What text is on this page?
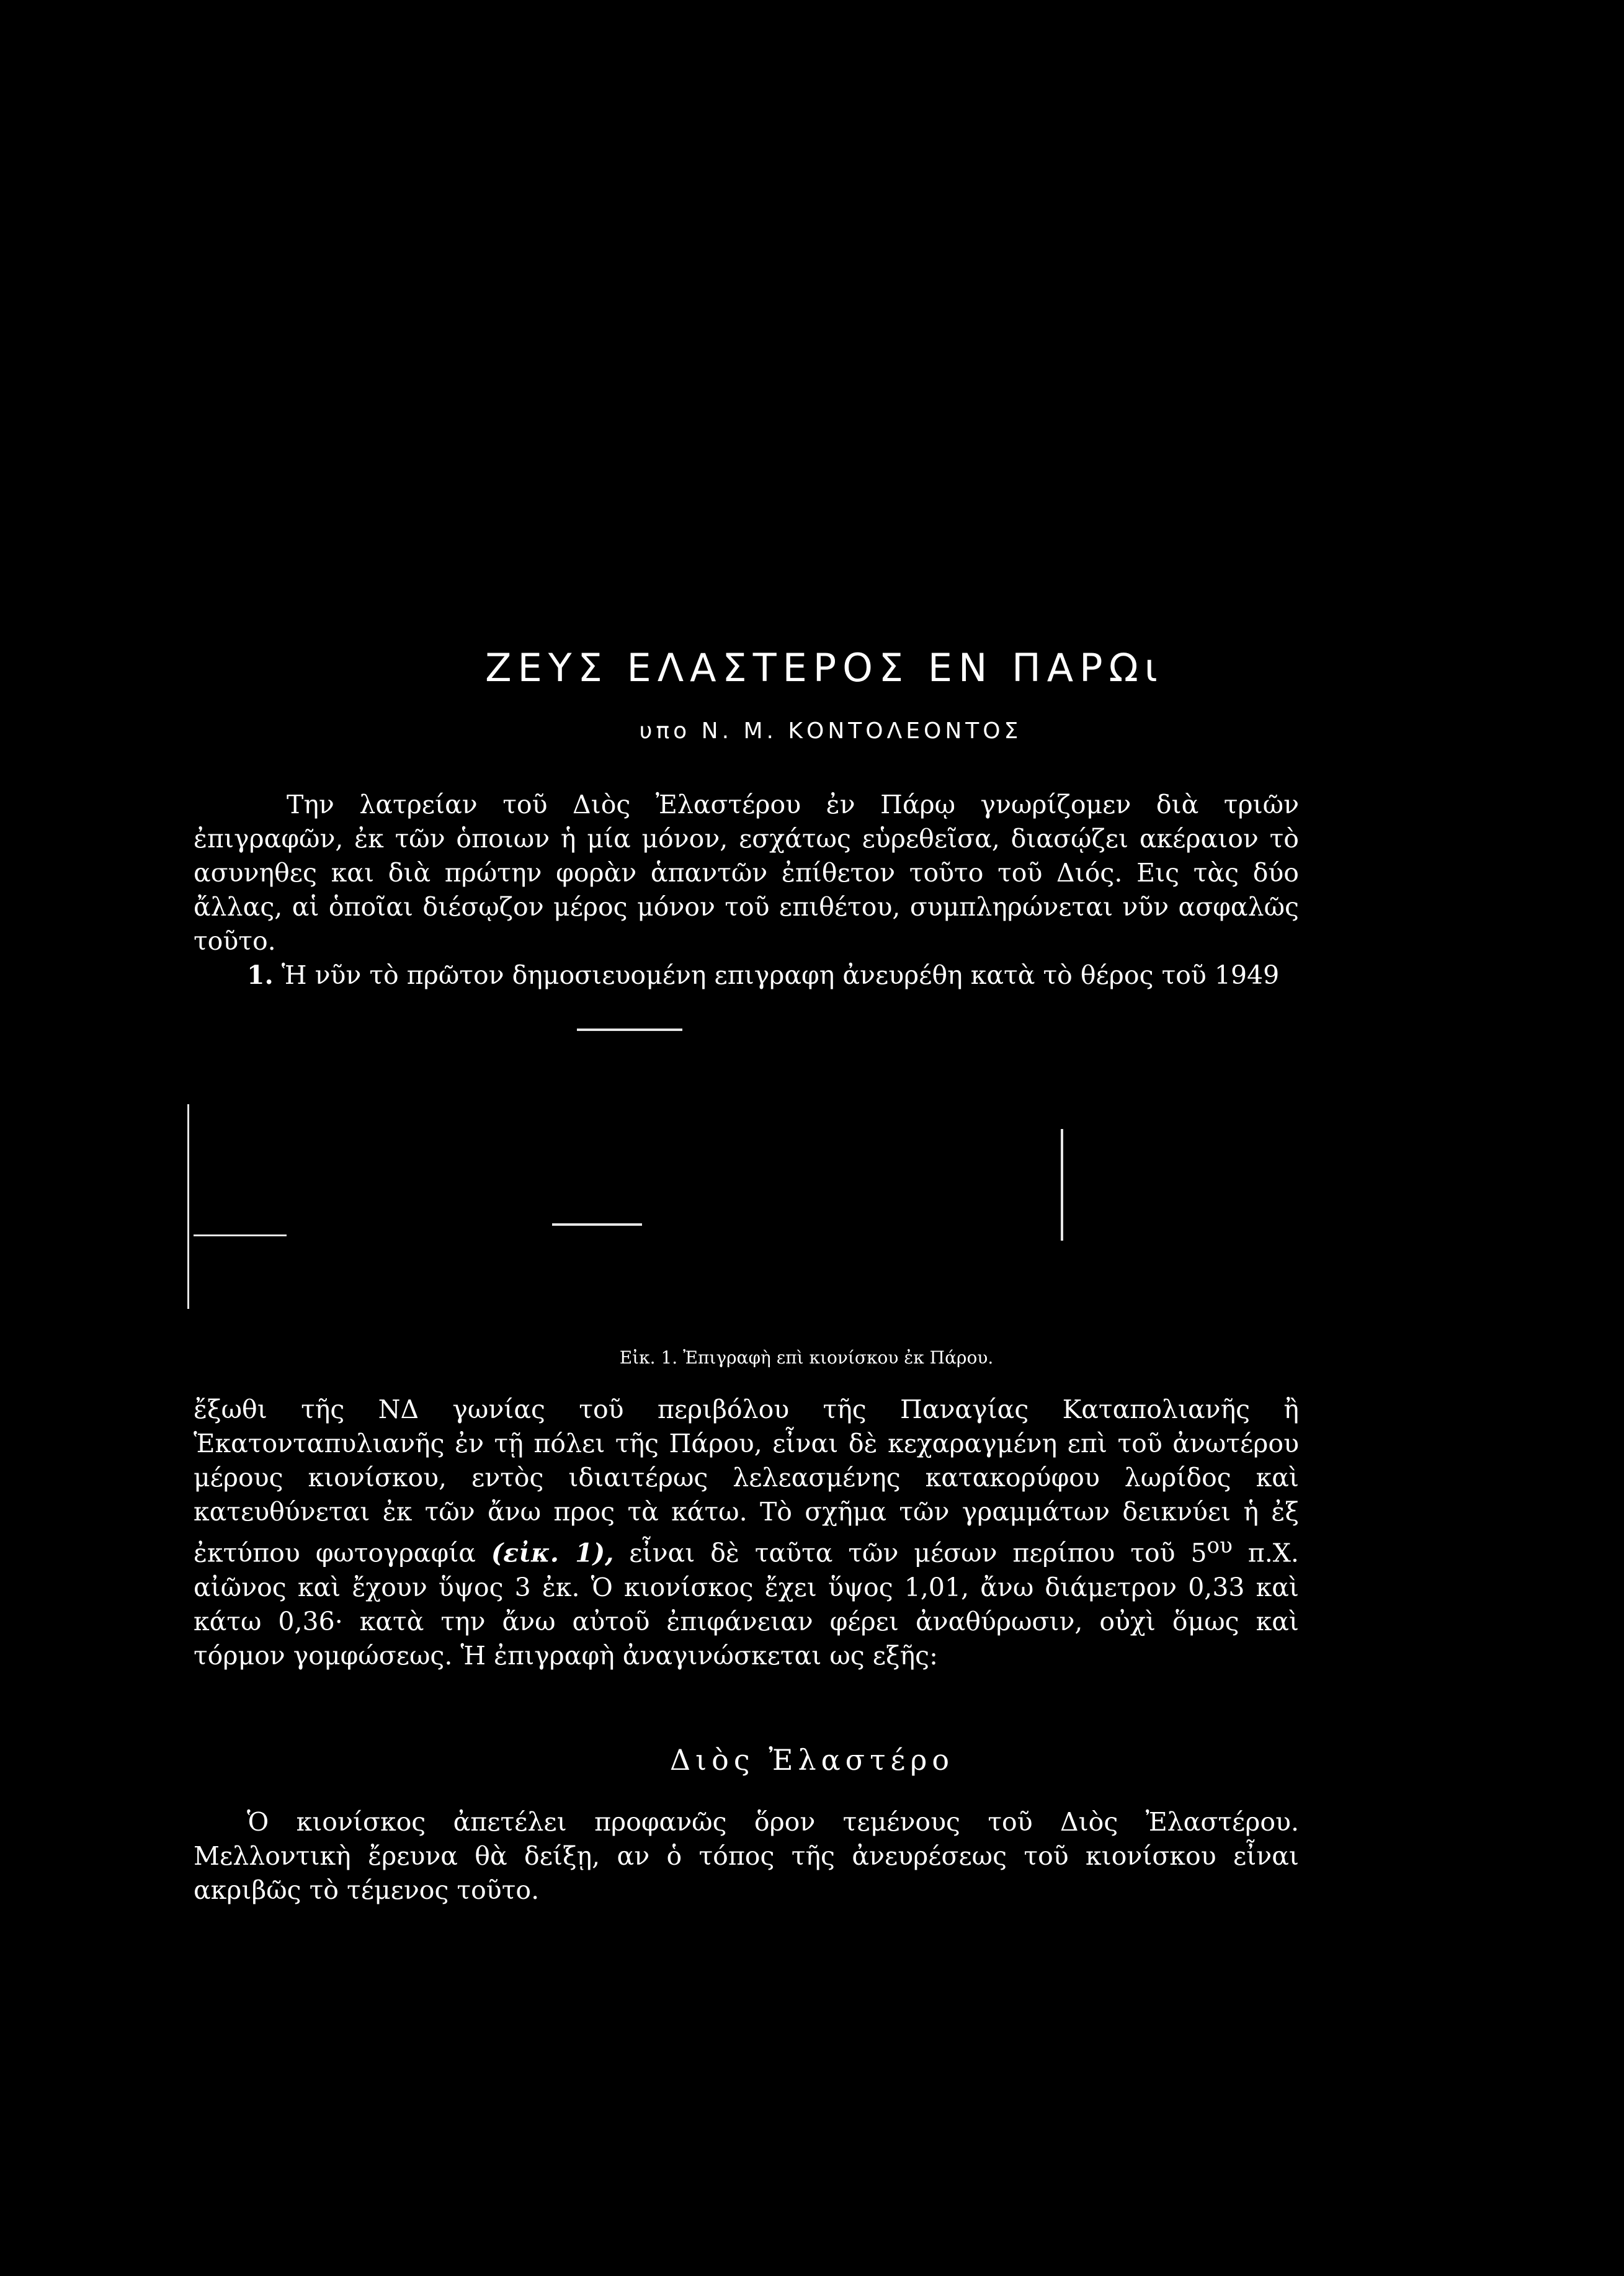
ΖΕΥΣ ΕΛΑΣΤΕΡΟΣ ΕΝ ΠΑΡΩι
υπο Ν. Μ. ΚΟΝΤΟΛΕΟΝΤΟΣ

Την λατρείαν τοῦ Διὸς Ἐλαστέρου ἐν Πάρῳ γνωρίζομεν διὰ τριῶν ἐπιγραφῶν, ἐκ τῶν ὁποιων ἡ μία μόνον, εσχάτως εὑρεθεῖσα, διασῴζει ακέραιον τὸ ασυνηθες και διὰ πρώτην φορὰν ἁπαντῶν ἐπίθετον τοῦτο τοῦ Διός. Εις τὰς δύο ἄλλας, αἱ ὁποῖαι διέσῳζον μέρος μόνον τοῦ επιθέτου, συμπληρώνεται νῦν ασφαλῶς τοῦτο.

1. Ἡ νῦν τὸ πρῶτον δημοσιευομένη επιγραφη ἀνευρέθη κατὰ τὸ θέρος τοῦ 1949

Εἰκ. 1. Ἐπιγραφὴ επὶ κιονίσκου ἐκ Πάρου.

ἔξωθι τῆς ΝΔ γωνίας τοῦ περιβόλου τῆς Παναγίας Καταπολιανῆς ἢ Ἑκατονταπυλιανῆς ἐν τῇ πόλει τῆς Πάρου, εἶναι δὲ κεχαραγμένη επὶ τοῦ ἀνωτέρου μέρους κιονίσκου, εντὸς ιδιαιτέρως λελεασμένης κατακορύφου λωρίδος καὶ κατευθύνεται ἐκ τῶν ἄνω προς τὰ κάτω. Τὸ σχῆμα τῶν γραμμάτων δεικνύει ἡ ἐξ ἐκτύπου φωτογραφία (εἰκ. 1), εἶναι δὲ ταῦτα τῶν μέσων περίπου τοῦ $5^{o\upsilon}$ π.Χ. αἰῶνος καὶ ἔχουν ὕψος 3 ἐκ. Ὁ κιονίσκος ἔχει ὕψος 1,01, ἄνω διάμετρον 0,33 καὶ κάτω 0,36· κατὰ την ἄνω αὐτοῦ ἐπιφάνειαν φέρει ἀναθύρωσιν, οὐχὶ ὅμως καὶ τόρμον γομφώσεως. Ἡ ἐπιγραφὴ ἀναγινώσκεται ως εξῆς:

Διὸς Ἐλαστέρο

Ὁ κιονίσκος ἀπετέλει προφανῶς ὅρον τεμένους τοῦ Διὸς Ἐλαστέρου. Μελλοντικὴ ἔρευνα θὰ δείξῃ, αν ὁ τόπος τῆς ἀνευρέσεως τοῦ κιονίσκου εἶναι ακριβῶς τὸ τέμενος τοῦτο.
